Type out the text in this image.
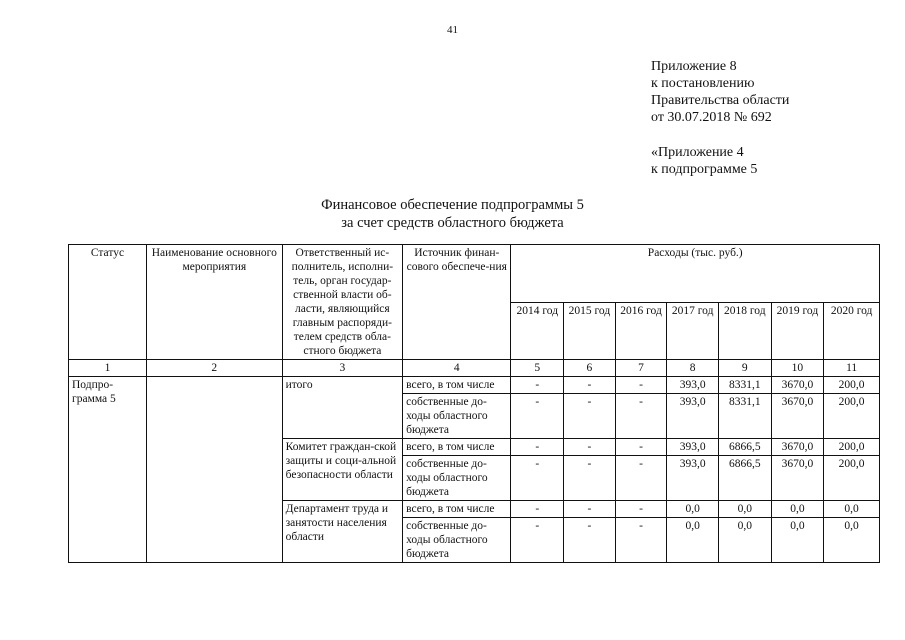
41
Приложение 8
к постановлению
Правительства области
от 30.07.2018 № 692
«Приложение 4
к подпрограмме 5
Финансовое обеспечение подпрограммы 5
за счет средств областного бюджета
Статус	Наименование основного мероприятия	Ответственный ис-полнитель, исполни-тель, орган государ-ственной власти об-ласти, являющийся главным распоряди-телем средств обла-стного бюджета	Источник финан-сового обеспече-ния	Расходы (тыс. руб.)						
				2014 год	2015 год	2016 год	2017 год	2018 год	2019 год	2020 год
1	2	3	4	5	6	7	8	9	10	11
Подпро-грамма 5		итого	всего, в том числе	-	-	-	393,0	8331,1	3670,0	200,0
			собственные до-ходы областного бюджета	-	-	-	393,0	8331,1	3670,0	200,0
		Комитет граждан-ской защиты и соци-альной безопасности области	всего, в том числе	-	-	-	393,0	6866,5	3670,0	200,0
			собственные до-ходы областного бюджета	-	-	-	393,0	6866,5	3670,0	200,0
		Департамент труда и занятости населения области	всего, в том числе	-	-	-	0,0	0,0	0,0	0,0
			собственные до-ходы областного бюджета	-	-	-	0,0	0,0	0,0	0,0
